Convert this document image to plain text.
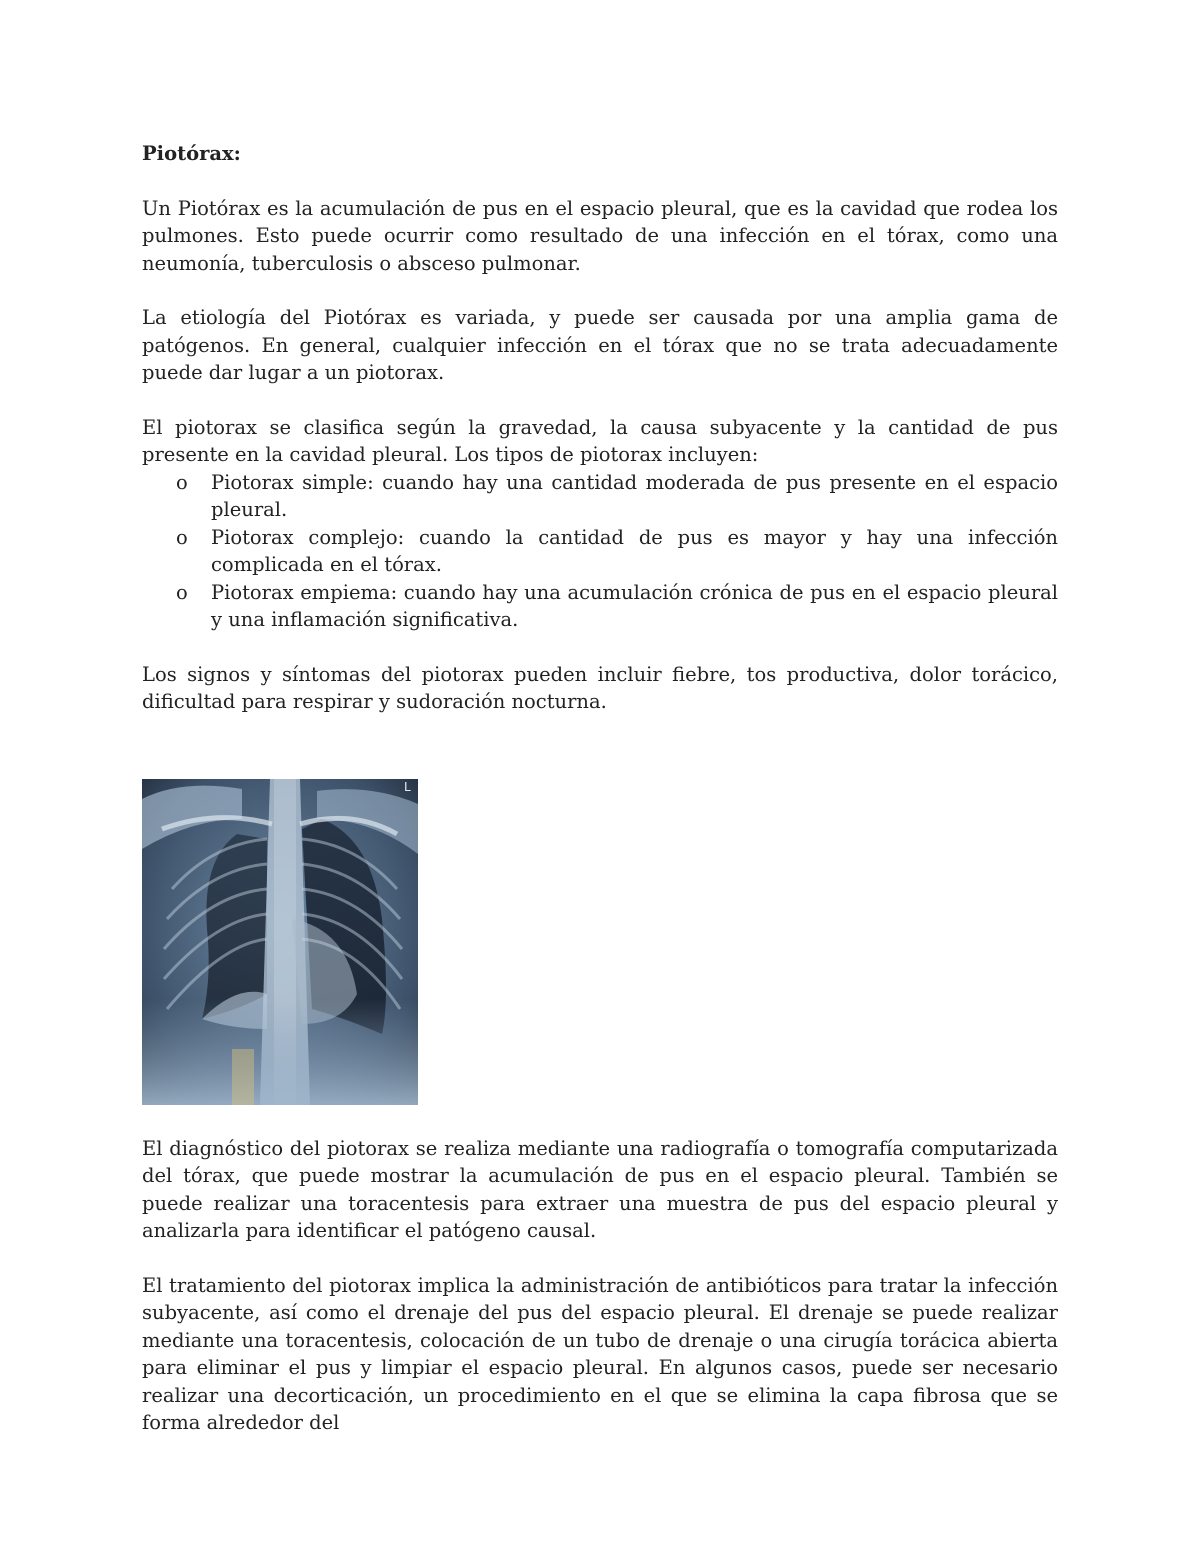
Piotórax:

Un Piotórax es la acumulación de pus en el espacio pleural, que es la cavidad que rodea los pulmones. Esto puede ocurrir como resultado de una infección en el tórax, como una neumonía, tuberculosis o absceso pulmonar.

La etiología del Piotórax es variada, y puede ser causada por una amplia gama de patógenos. En general, cualquier infección en el tórax que no se trata adecuadamente puede dar lugar a un piotorax.

El piotorax se clasifica según la gravedad, la causa subyacente y la cantidad de pus presente en la cavidad pleural. Los tipos de piotorax incluyen:

o Piotorax simple: cuando hay una cantidad moderada de pus presente en el espacio pleural.
o Piotorax complejo: cuando la cantidad de pus es mayor y hay una infección complicada en el tórax.
o Piotorax empiema: cuando hay una acumulación crónica de pus en el espacio pleural y una inflamación significativa.

Los signos y síntomas del piotorax pueden incluir fiebre, tos productiva, dolor torácico, dificultad para respirar y sudoración nocturna.

L

El diagnóstico del piotorax se realiza mediante una radiografía o tomografía computarizada del tórax, que puede mostrar la acumulación de pus en el espacio pleural. También se puede realizar una toracentesis para extraer una muestra de pus del espacio pleural y analizarla para identificar el patógeno causal.

El tratamiento del piotorax implica la administración de antibióticos para tratar la infección subyacente, así como el drenaje del pus del espacio pleural. El drenaje se puede realizar mediante una toracentesis, colocación de un tubo de drenaje o una cirugía torácica abierta para eliminar el pus y limpiar el espacio pleural. En algunos casos, puede ser necesario realizar una decorticación, un procedimiento en el que se elimina la capa fibrosa que se forma alrededor del
